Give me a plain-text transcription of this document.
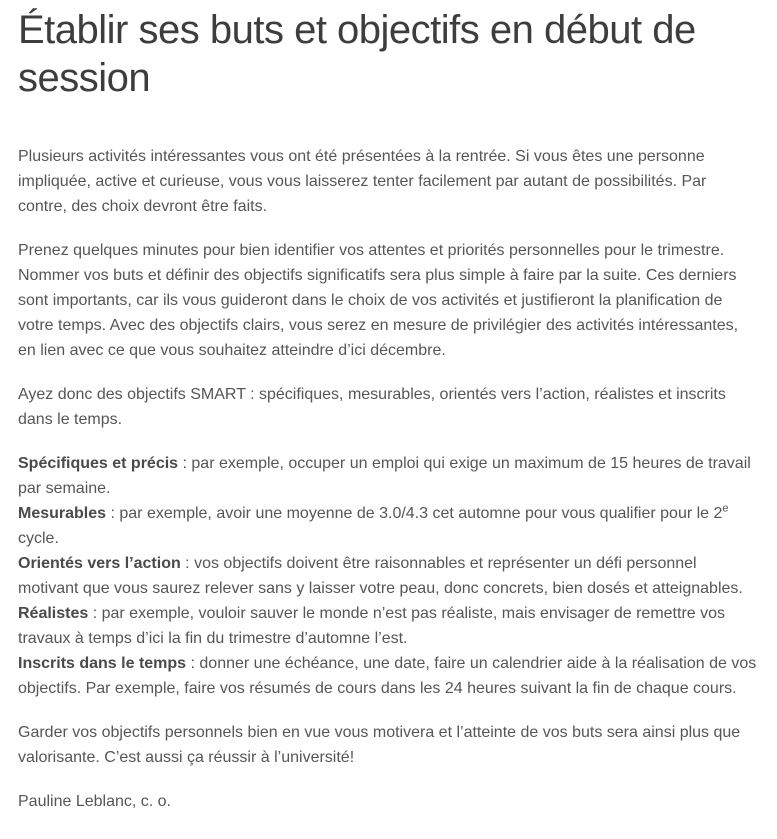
Établir ses buts et objectifs en début de session

Plusieurs activités intéressantes vous ont été présentées à la rentrée. Si vous êtes une personne impliquée, active et curieuse, vous vous laisserez tenter facilement par autant de possibilités. Par contre, des choix devront être faits.

Prenez quelques minutes pour bien identifier vos attentes et priorités personnelles pour le trimestre. Nommer vos buts et définir des objectifs significatifs sera plus simple à faire par la suite. Ces derniers sont importants, car ils vous guideront dans le choix de vos activités et justifieront la planification de votre temps. Avec des objectifs clairs, vous serez en mesure de privilégier des activités intéressantes, en lien avec ce que vous souhaitez atteindre d’ici décembre.

Ayez donc des objectifs SMART : spécifiques, mesurables, orientés vers l’action, réalistes et inscrits dans le temps.

Spécifiques et précis : par exemple, occuper un emploi qui exige un maximum de 15 heures de travail par semaine.

Mesurables : par exemple, avoir une moyenne de 3.0/4.3 cet automne pour vous qualifier pour le 2e cycle.

Orientés vers l’action : vos objectifs doivent être raisonnables et représenter un défi personnel motivant que vous saurez relever sans y laisser votre peau, donc concrets, bien dosés et atteignables.

Réalistes : par exemple, vouloir sauver le monde n’est pas réaliste, mais envisager de remettre vos travaux à temps d’ici la fin du trimestre d’automne l’est.

Inscrits dans le temps : donner une échéance, une date, faire un calendrier aide à la réalisation de vos objectifs. Par exemple, faire vos résumés de cours dans les 24 heures suivant la fin de chaque cours.

Garder vos objectifs personnels bien en vue vous motivera et l’atteinte de vos buts sera ainsi plus que valorisante. C’est aussi ça réussir à l’université!

Pauline Leblanc, c. o.
